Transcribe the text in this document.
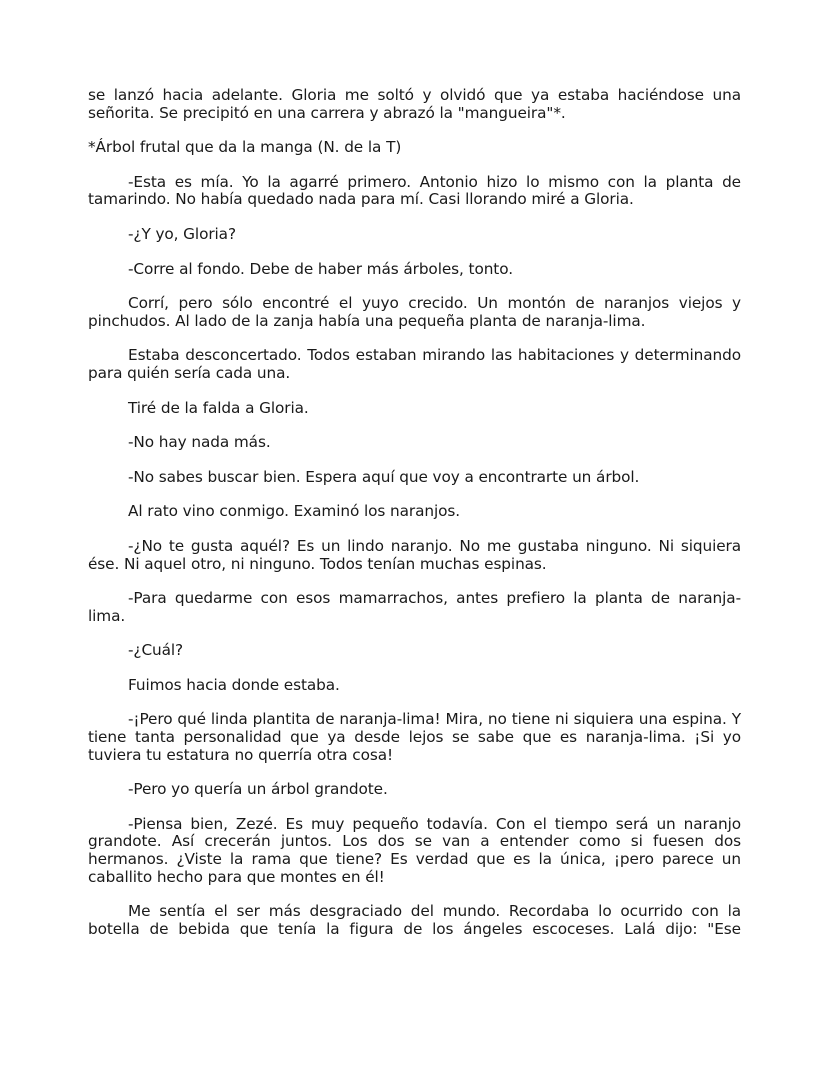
se lanzó hacia adelante. Gloria me soltó y olvidó que ya estaba haciéndose una señorita. Se precipitó en una carrera y abrazó la "mangueira"*.

*Árbol frutal que da la manga (N. de la T)

-Esta es mía. Yo la agarré primero. Antonio hizo lo mismo con la planta de tamarindo. No había quedado nada para mí. Casi llorando miré a Gloria.

-¿Y yo, Gloria?

-Corre al fondo. Debe de haber más árboles, tonto.

Corrí, pero sólo encontré el yuyo crecido. Un montón de naranjos viejos y pinchudos. Al lado de la zanja había una pequeña planta de naranja-lima.

Estaba desconcertado. Todos estaban mirando las habitaciones y determinando para quién sería cada una.

Tiré de la falda a Gloria.

-No hay nada más.

-No sabes buscar bien. Espera aquí que voy a encontrarte un árbol.

Al rato vino conmigo. Examinó los naranjos.

-¿No te gusta aquél? Es un lindo naranjo. No me gustaba ninguno. Ni siquiera ése. Ni aquel otro, ni ninguno. Todos tenían muchas espinas.

-Para quedarme con esos mamarrachos, antes prefiero la planta de naranja-lima.

-¿Cuál?

Fuimos hacia donde estaba.

-¡Pero qué linda plantita de naranja-lima! Mira, no tiene ni siquiera una espina. Y tiene tanta personalidad que ya desde lejos se sabe que es naranja-lima. ¡Si yo tuviera tu estatura no querría otra cosa!

-Pero yo quería un árbol grandote.

-Piensa bien, Zezé. Es muy pequeño todavía. Con el tiempo será un naranjo grandote. Así crecerán juntos. Los dos se van a entender como si fuesen dos hermanos. ¿Viste la rama que tiene? Es verdad que es la única, ¡pero parece un caballito hecho para que montes en él!

Me sentía el ser más desgraciado del mundo. Recordaba lo ocurrido con la botella de bebida que tenía la figura de los ángeles escoceses. Lalá dijo: "Ese
